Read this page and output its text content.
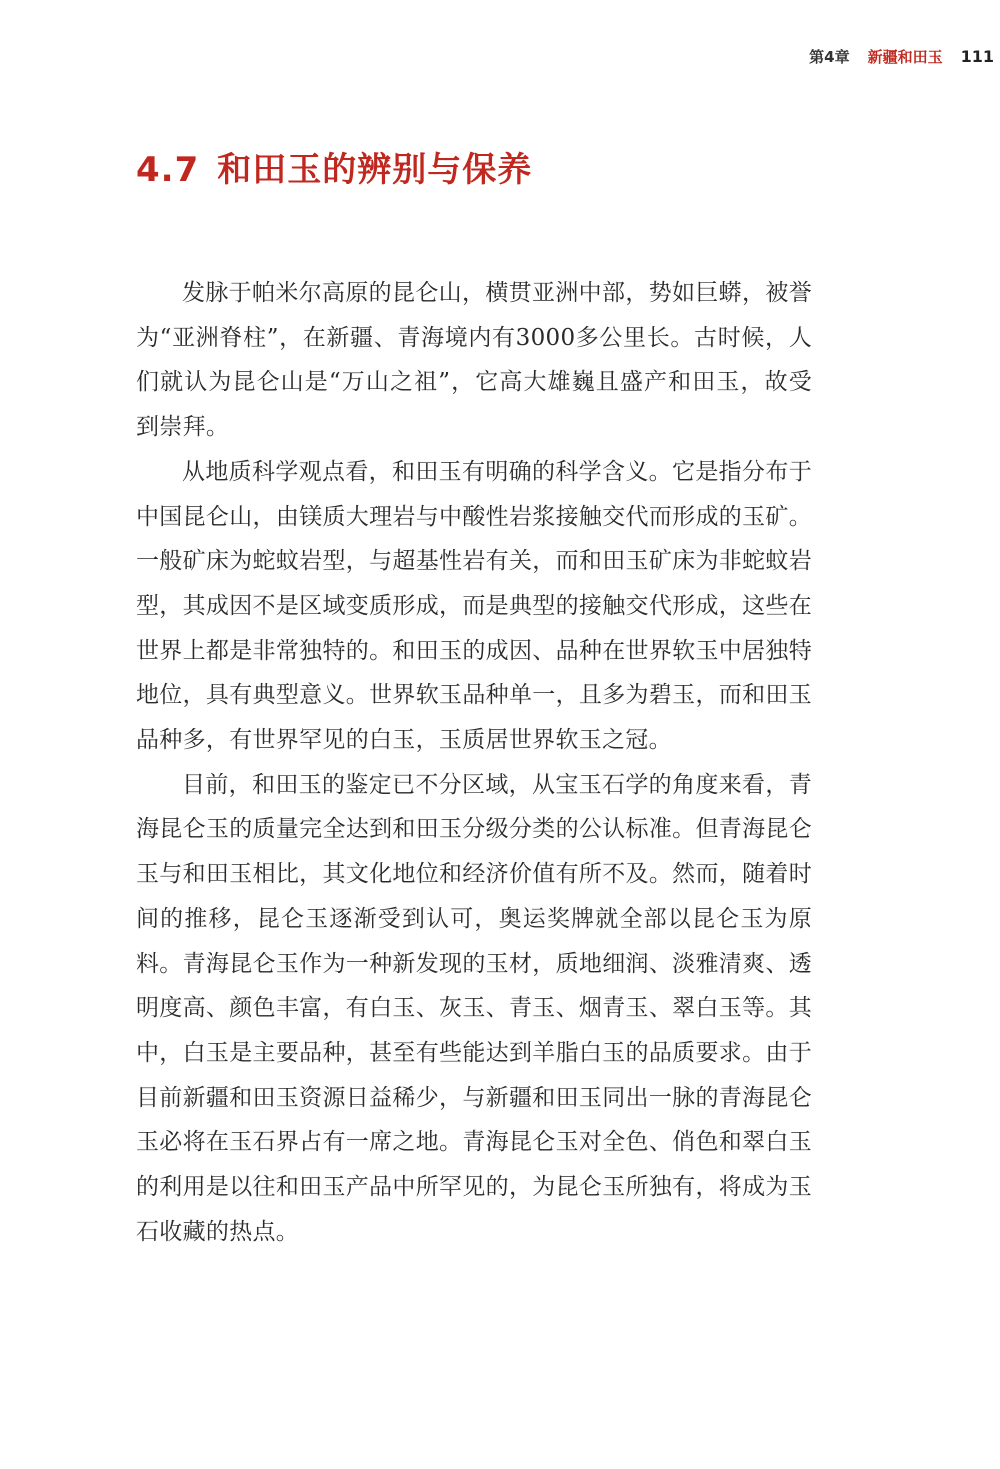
第4章 新疆和田玉 111
4.7 和田玉的辨别与保养

发脉于帕米尔高原的昆仑山，横贯亚洲中部，势如巨蟒，被誉为“亚洲脊柱”，在新疆、青海境内有3000多公里长。古时候，人们就认为昆仑山是“万山之祖”，它高大雄巍且盛产和田玉，故受到崇拜。

从地质科学观点看，和田玉有明确的科学含义。它是指分布于中国昆仑山，由镁质大理岩与中酸性岩浆接触交代而形成的玉矿。一般矿床为蛇蚊岩型，与超基性岩有关，而和田玉矿床为非蛇蚊岩型，其成因不是区域变质形成，而是典型的接触交代形成，这些在世界上都是非常独特的。和田玉的成因、品种在世界软玉中居独特地位，具有典型意义。世界软玉品种单一，且多为碧玉，而和田玉品种多，有世界罕见的白玉，玉质居世界软玉之冠。

目前，和田玉的鉴定已不分区域，从宝玉石学的角度来看，青海昆仑玉的质量完全达到和田玉分级分类的公认标准。但青海昆仑玉与和田玉相比，其文化地位和经济价值有所不及。然而，随着时间的推移，昆仑玉逐渐受到认可，奥运奖牌就全部以昆仑玉为原料。青海昆仑玉作为一种新发现的玉材，质地细润、淡雅清爽、透明度高、颜色丰富，有白玉、灰玉、青玉、烟青玉、翠白玉等。其中，白玉是主要品种，甚至有些能达到羊脂白玉的品质要求。由于目前新疆和田玉资源日益稀少，与新疆和田玉同出一脉的青海昆仑玉必将在玉石界占有一席之地。青海昆仑玉对全色、俏色和翠白玉的利用是以往和田玉产品中所罕见的，为昆仑玉所独有，将成为玉石收藏的热点。
